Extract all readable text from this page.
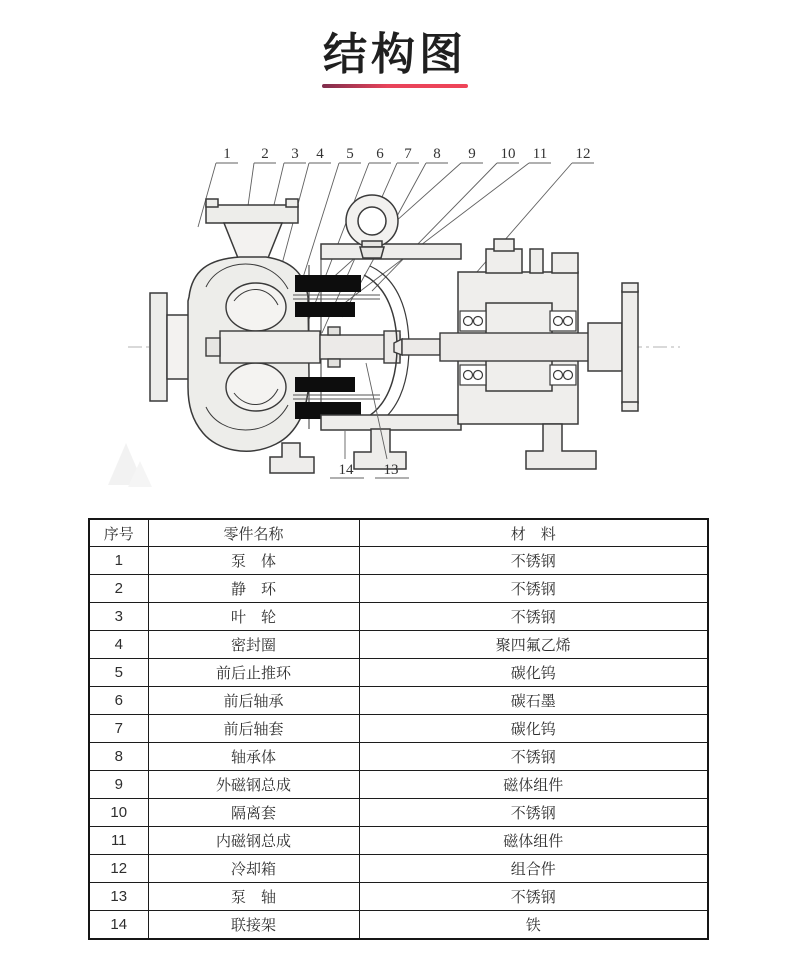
结构图
1 2 3 4 5 6 7 8 9 10 11 12
14 13
序号	零件名称	材　料
1	泵　体	不锈钢
2	静　环	不锈钢
3	叶　轮	不锈钢
4	密封圈	聚四氟乙烯
5	前后止推环	碳化钨
6	前后轴承	碳石墨
7	前后轴套	碳化钨
8	轴承体	不锈钢
9	外磁钢总成	磁体组件
10	隔离套	不锈钢
11	内磁钢总成	磁体组件
12	冷却箱	组合件
13	泵　轴	不锈钢
14	联接架	铁
